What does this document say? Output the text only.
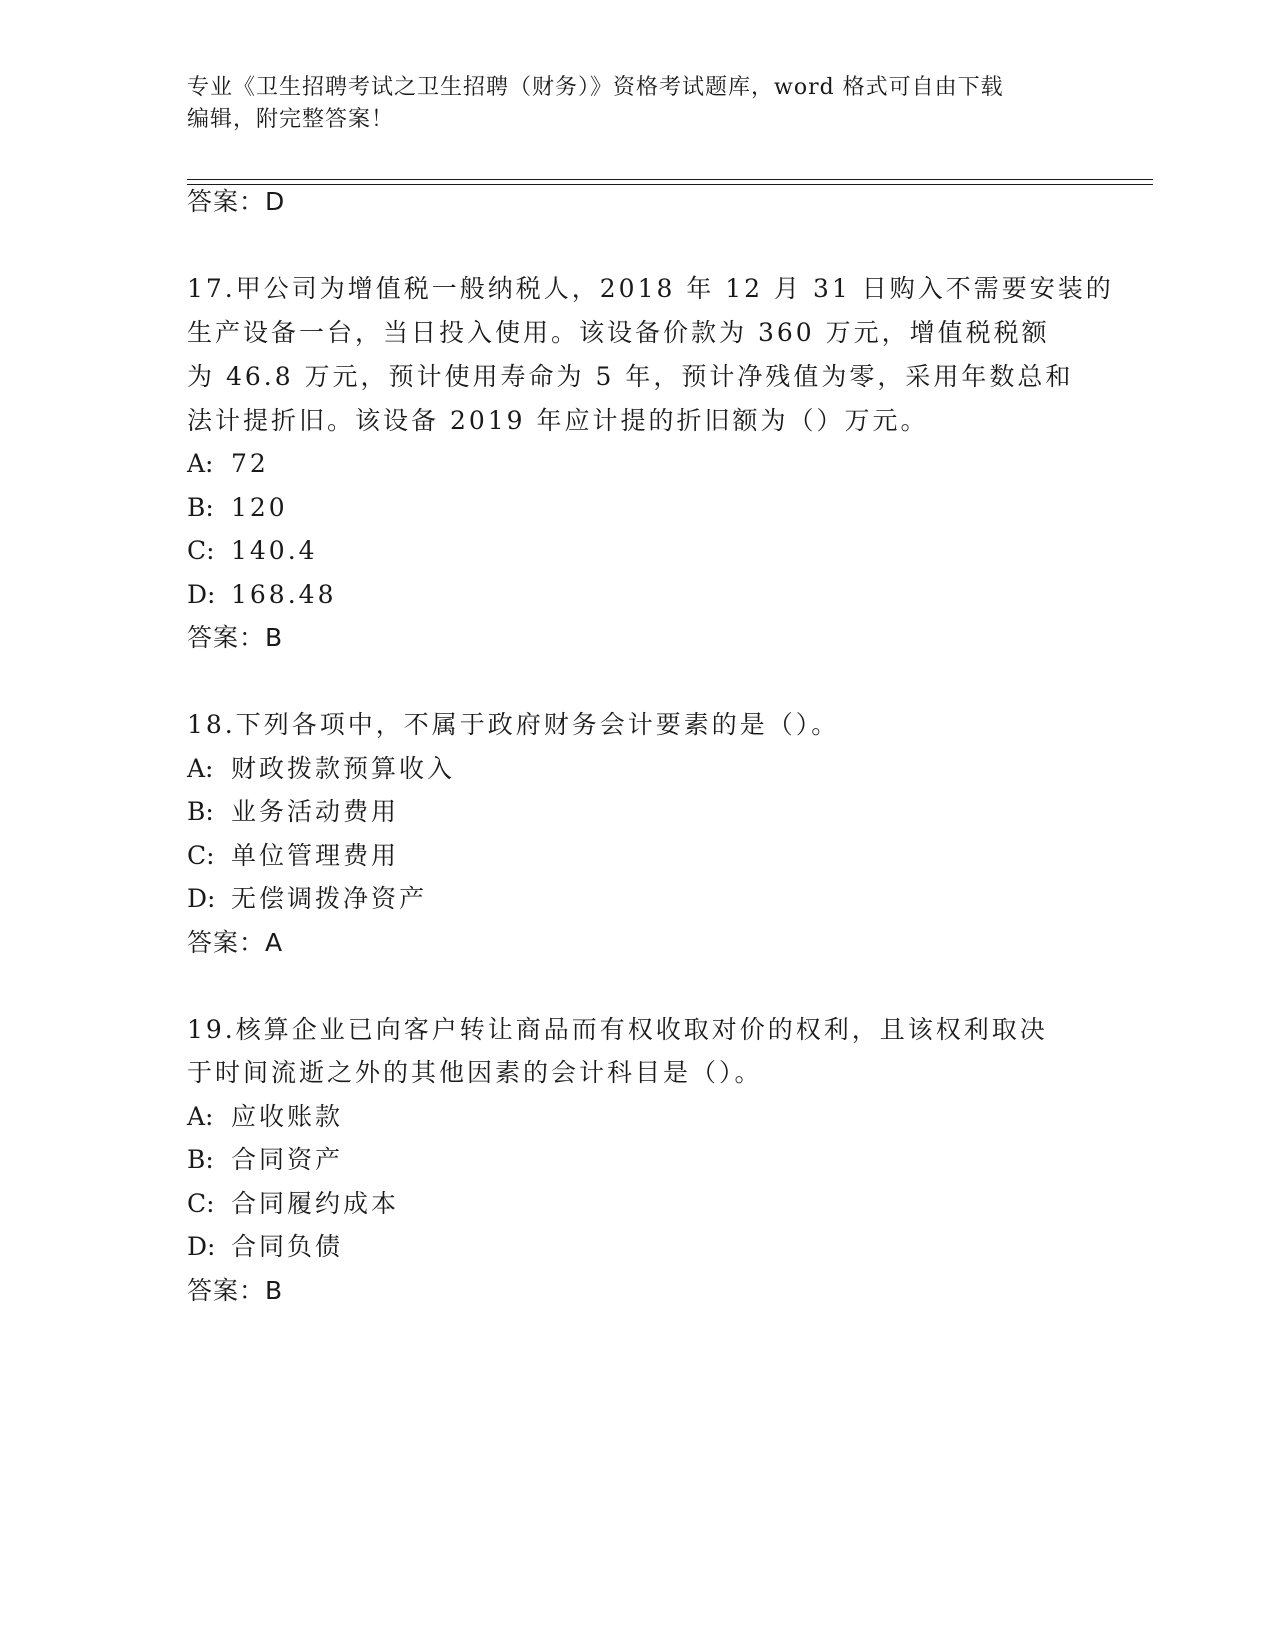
专业《卫生招聘考试之卫生招聘（财务）》资格考试题库，word 格式可自由下载
编辑，附完整答案！
答案：D
17.甲公司为增值税一般纳税人，2018 年 12 月 31 日购入不需要安装的
生产设备一台，当日投入使用。该设备价款为 360 万元，增值税税额
为 46.8 万元，预计使用寿命为 5 年，预计净残值为零，采用年数总和
法计提折旧。该设备 2019 年应计提的折旧额为（）万元。
A: 72
B: 120
C: 140.4
D: 168.48
答案：B
18.下列各项中，不属于政府财务会计要素的是（）。
A: 财政拨款预算收入
B: 业务活动费用
C: 单位管理费用
D: 无偿调拨净资产
答案：A
19.核算企业已向客户转让商品而有权收取对价的权利，且该权利取决
于时间流逝之外的其他因素的会计科目是（）。
A: 应收账款
B: 合同资产
C: 合同履约成本
D: 合同负债
答案：B
